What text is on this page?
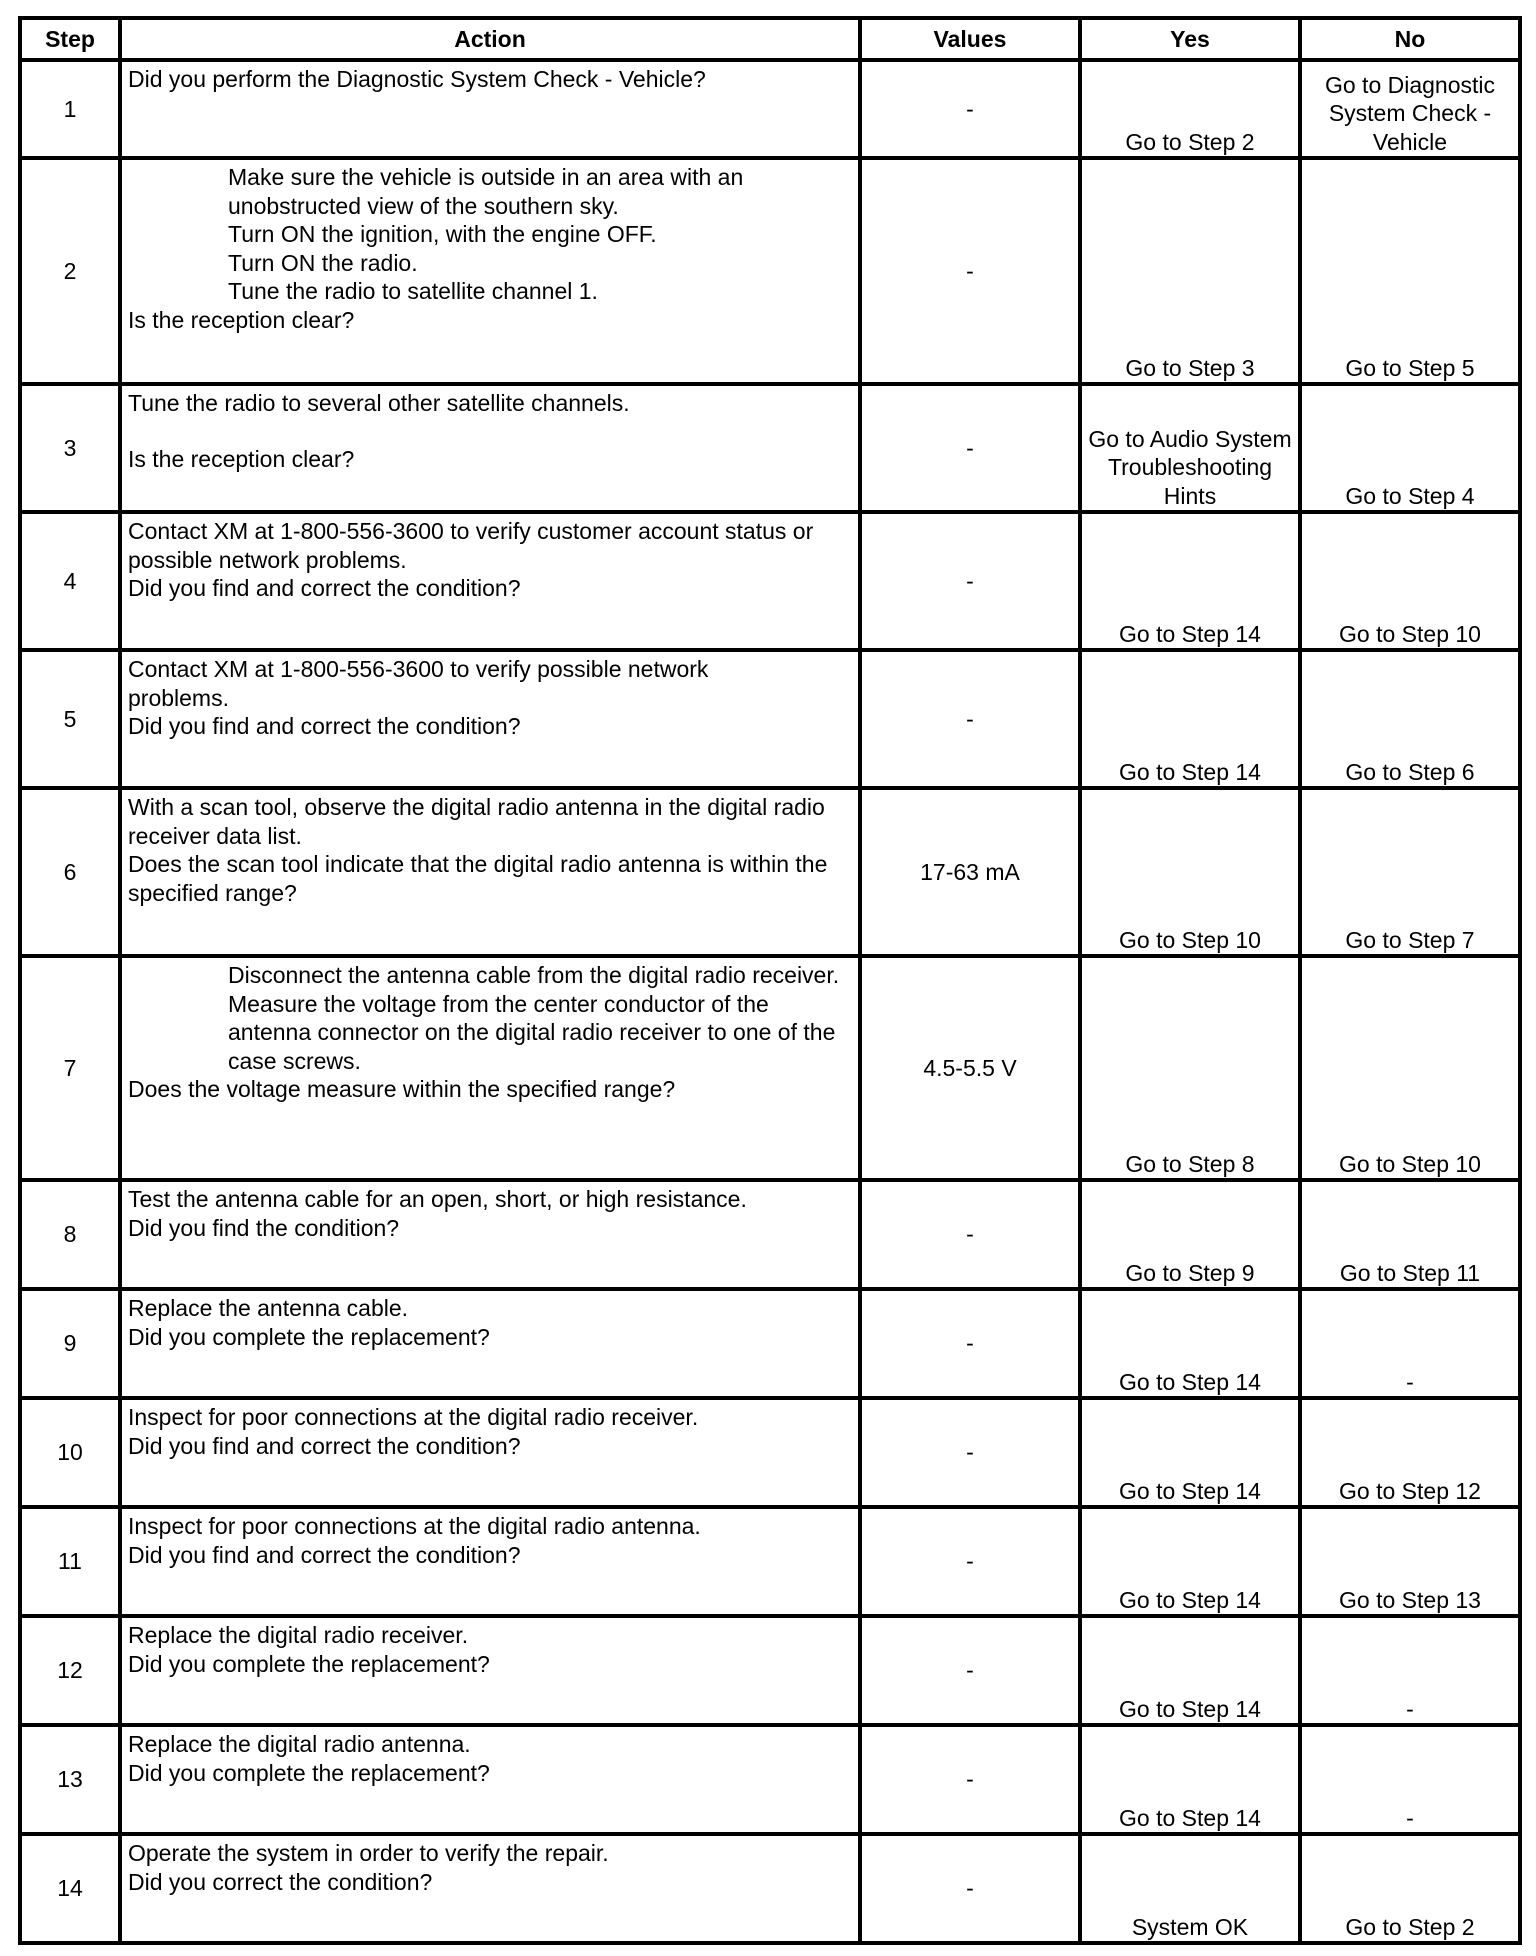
Step	Action	Values	Yes	No
1	Did you perform the Diagnostic System Check - Vehicle?	-	Go to Step 2	Go to Diagnostic System Check - Vehicle
2	Make sure the vehicle is outside in an area with an unobstructed view of the southern sky.
Turn ON the ignition, with the engine OFF.
Turn ON the radio.
Tune the radio to satellite channel 1.
Is the reception clear?	-	Go to Step 3	Go to Step 5
3	Tune the radio to several other satellite channels.
Is the reception clear?	-	Go to Audio System Troubleshooting Hints	Go to Step 4
4	Contact XM at 1-800-556-3600 to verify customer account status or possible network problems.
Did you find and correct the condition?	-	Go to Step 14	Go to Step 10
5	Contact XM at 1-800-556-3600 to verify possible network problems.
Did you find and correct the condition?	-	Go to Step 14	Go to Step 6
6	With a scan tool, observe the digital radio antenna in the digital radio receiver data list.
Does the scan tool indicate that the digital radio antenna is within the specified range?	17-63 mA	Go to Step 10	Go to Step 7
7	Disconnect the antenna cable from the digital radio receiver.
Measure the voltage from the center conductor of the antenna connector on the digital radio receiver to one of the case screws.
Does the voltage measure within the specified range?	4.5-5.5 V	Go to Step 8	Go to Step 10
8	Test the antenna cable for an open, short, or high resistance.
Did you find the condition?	-	Go to Step 9	Go to Step 11
9	Replace the antenna cable.
Did you complete the replacement?	-	Go to Step 14	-
10	Inspect for poor connections at the digital radio receiver.
Did you find and correct the condition?	-	Go to Step 14	Go to Step 12
11	Inspect for poor connections at the digital radio antenna.
Did you find and correct the condition?	-	Go to Step 14	Go to Step 13
12	Replace the digital radio receiver.
Did you complete the replacement?	-	Go to Step 14	-
13	Replace the digital radio antenna.
Did you complete the replacement?	-	Go to Step 14	-
14	Operate the system in order to verify the repair.
Did you correct the condition?	-	System OK	Go to Step 2
